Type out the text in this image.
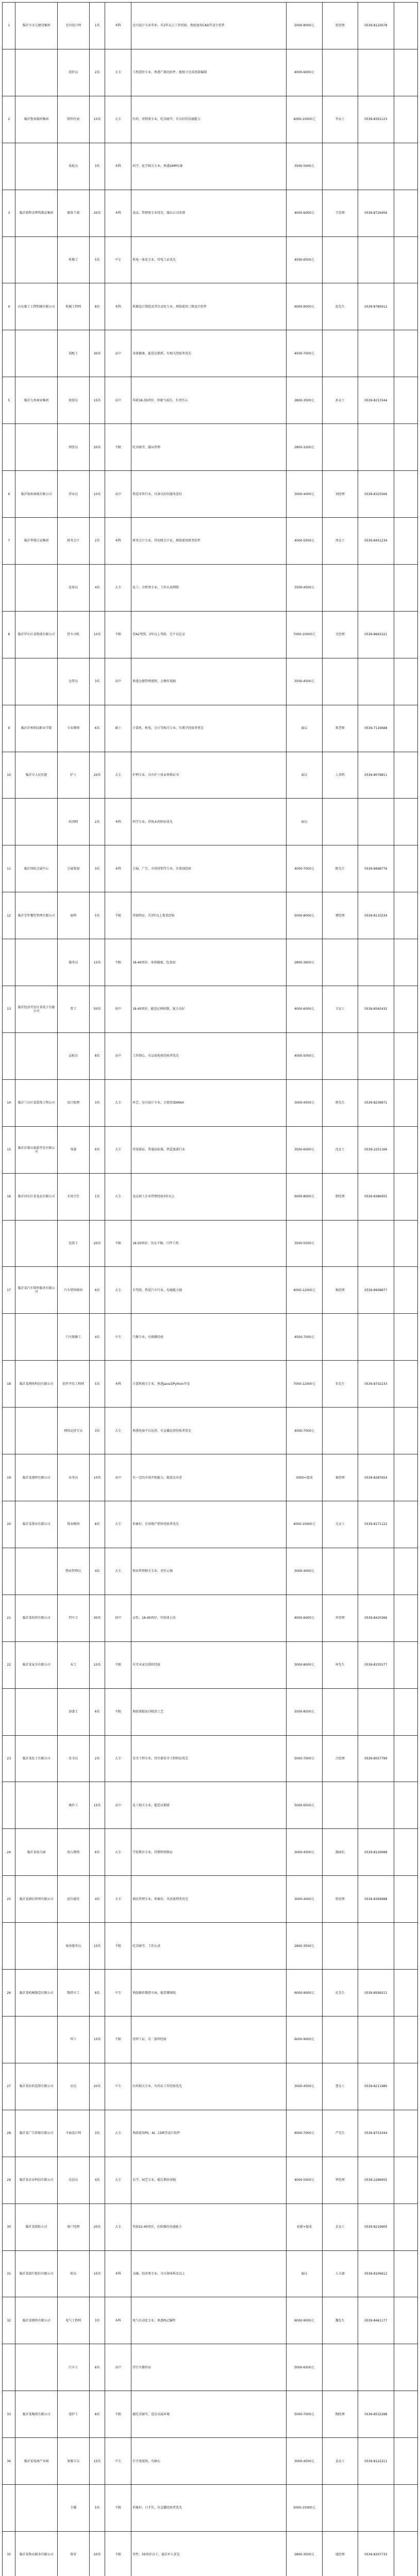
1	临沂市天元建设集团	室内设计师	1名	本科	室内设计专业毕业，有2年以上工作经验，熟练使用CAD等设计软件	5000-8000元	张经理	0539-8125678	
		造价员	2名	大专	工程造价专业，熟悉广联达软件，能独立完成预算编制	4000-6000元			
2	临沂鲁南制药集团	销售代表	10名	大专	医药、营销类专业，吃苦耐劳，有良好的沟通能力	4000-10000元	李女士	0539-8352123	
		质检员	3名	本科	药学、化学相关专业，熟悉GMP标准	3500-5000元			
3	临沂新程金锣肉制品集团	储备干部	20名	本科	食品、管理类专业优先，服从公司安排	4000-6000元	王经理	0539-8726456	
		机修工	5名	中专	机电一体化专业，持电工证优先	4500-6500元			
4	山东临工工程机械有限公司	机械工程师	8名	本科	机械设计制造及其自动化专业，熟练使用三维设计软件	6000-9000元	赵先生	0539-8785612	
		装配工	30名	高中	身体健康，能适应倒班，有相关经验者优先	4500-7000元			
5	临沂九州商业集团	收银员	15名	高中	年龄18-35周岁，形象气质佳，有责任心	2800-3500元	孙女士	0539-8213344	
		理货员	20名	不限	吃苦耐劳，服从管理	2800-3200元			
6	临沂银座商城有限公司	营业员	10名	高中	热爱零售行业，具备良好的服务意识	3000-4000元	刘经理	0539-8325566	
7	临沂华盛江泉集团	财务会计	2名	本科	财务会计专业，持初级会计证，熟练使用财务软件	4000-5500元	周女士	0539-8451234	
		化验员	4名	大专	化工、分析类专业，工作认真细致	3500-4500元			
8	临沂罗庄区某物流有限公司	货车司机	10名	不限	持A2驾照，3年以上驾龄，无不良记录	7000-10000元	吴经理	0539-8663321	
		仓管员	3名	高中	熟悉仓储管理流程，会操作电脑	3500-4500元			
9	临沂沂州科技职业学院	专业教师	6名	硕士	计算机、机电、会计等相关专业，有教学经验者优先	面议	郑老师	0539-7116688	
10	临沂市人民医院	护士	20名	大专	护理专业，具有护士执业资格证书	面议	人事科	0539-8078811	
		药剂师	2名	本科	药学专业，持执业药师证优先	面议			
11	临沂国际会展中心	会展策划	3名	本科	会展、广告、市场营销等专业，有策划经验	4000-7000元	陈先生	0539-8998776	
12	临沂青年餐饮管理有限公司	厨师	5名	不限	持厨师证，有3年以上鲁菜经验	5000-8000元	褚经理	0539-8110234	
		服务员	15名	不限	18-40周岁，身体健康，包食宿	2800-3600元			
13	临沂经济开发区某电子有限公司	普工	50名	初中	18-45周岁，能适应两班倒，视力良好	4000-6000元	卫女士	0539-8565432	
		品检员	8名	高中	工作细心，有品质检验经验者优先	4000-5000元			
14	临沂兰山区某装饰工程公司	设计助理	3名	大专	环艺、室内设计专业，会使用3DMAX	3000-4500元	蒋先生	0539-8239871	
15	临沂沂蒙山旅游开发有限公司	导游	6名	大专	持导游证，普通话标准，热爱旅游行业	3500-6000元	沈女士	0539-2251166	
16	临沂河东区某食品有限公司	车间主任	1名	大专	食品加工企业管理经验3年以上	6000-8000元	韩经理	0539-8386655	
		包装工	20名	不限	18-50周岁，男女不限，计件工资	3500-5500元			
17	临沂某汽车销售服务有限公司	汽车销售顾问	6名	大专	有驾照，热爱汽车行业，沟通能力强	4000-12000元	杨经理	0539-8908877	
		汽车维修工	4名	中专	汽修专业，有维修经验	4500-7000元			
18	临沂某网络科技有限公司	软件开发工程师	5名	本科	计算机相关专业，熟悉Java或Python开发	7000-12000元	朱先生	0539-8702233	
		网络运营专员	3名	大专	熟悉电商平台运营，有直播运营经验者优先	4000-7000元			
19	临沂某建材有限公司	业务员	10名	高中	有一定的市场开拓能力，能适应出差	3000+提成	秦经理	0539-8287654	
20	临沂某置业有限公司	置业顾问	8名	大专	形象好，有房地产销售经验者优先	4000-10000元	尤女士	0539-8171122	
		物业管理员	4名	大专	物业管理相关专业，责任心强	3000-4000元			
21	临沂某纺织有限公司	挡车工	30名	初中	女性，18-40周岁，可培训上岗	4000-6000元	许经理	0539-8425566	
22	临沂某家具有限公司	木工	10名	不限	有实木家具制作经验	5000-8000元	何先生	0539-8335577	
		油漆工	6名	不限	熟练掌握家具喷涂工艺	5500-8500元			
23	临沂某化工有限公司	安全员	2名	大专	安全工程专业，持注册安全工程师证优先	5000-7000元	吕经理	0539-8557799	
		操作工	15名	高中	化工相关专业，能适应倒班	5000-6500元			
24	临沂某幼儿园	幼儿教师	6名	大专	学前教育专业，持教师资格证	3000-4500元	施园长	0539-8126688	
25	临沂某酒店管理有限公司	前台接待	4名	大专	酒店管理专业，形象好，英语流利者优先	3000-4000元	张经理	0539-8369988	
		客房服务员	10名	不限	吃苦耐劳，工作认真	2800-3500元			
26	临沂某机械制造有限公司	数控车工	8名	中专	熟练操作数控车床，能看懂图纸	6000-9000元	孔先生	0539-8599211	
		焊工	10名	不限	持焊工证，有二保焊经验	6000-9000元			
27	临沂某医药连锁有限公司	店员	20名	中专	医药相关专业，有药店工作经验优先	3000-4500元	曹女士	0539-8211980	
28	临沂某广告传媒有限公司	平面设计师	3名	大专	熟练使用PS、AI、CDR等设计软件	4000-7000元	严先生	0539-8753344	
29	临沂某农业科技有限公司	农技员	4名	大专	农学、园艺专业，能长期驻基地	4000-5500元	华经理	0539-2286655	
30	临沂某保险公司	客户经理	20名	大专	年龄22-45周岁，有较强的沟通能力	底薪+提成	金女士	0539-8219900	
31	临沂某银行股份有限公司	柜员	10名	本科	金融、经济类专业，全日制本科及以上	面议	人力部	0539-8106612	
32	临沂某钢铁有限公司	电气工程师	3名	本科	电气自动化专业，熟悉PLC编程	6000-9000元	魏先生	0539-8461177	
		行车工	6名	高中	持行车操作证	5000-6500元			
33	临沂某陶瓷有限公司	窑炉工	8名	不限	能吃苦耐劳，适应高温环境	5000-7000元	陶经理	0539-8532288	
34	临沂某电商产业园	客服专员	15名	中专	打字速度快，有耐心	3000-4500元	姜女士	0539-8122211	
		主播	5名	不限	形象好，口才佳，有直播经验者优先	5000-15000元			
35	临沂某物业服务有限公司	保安	20名	不限	男性，55周岁以下，退伍军人优先	2800-3500元	戚经理	0539-8207733	
